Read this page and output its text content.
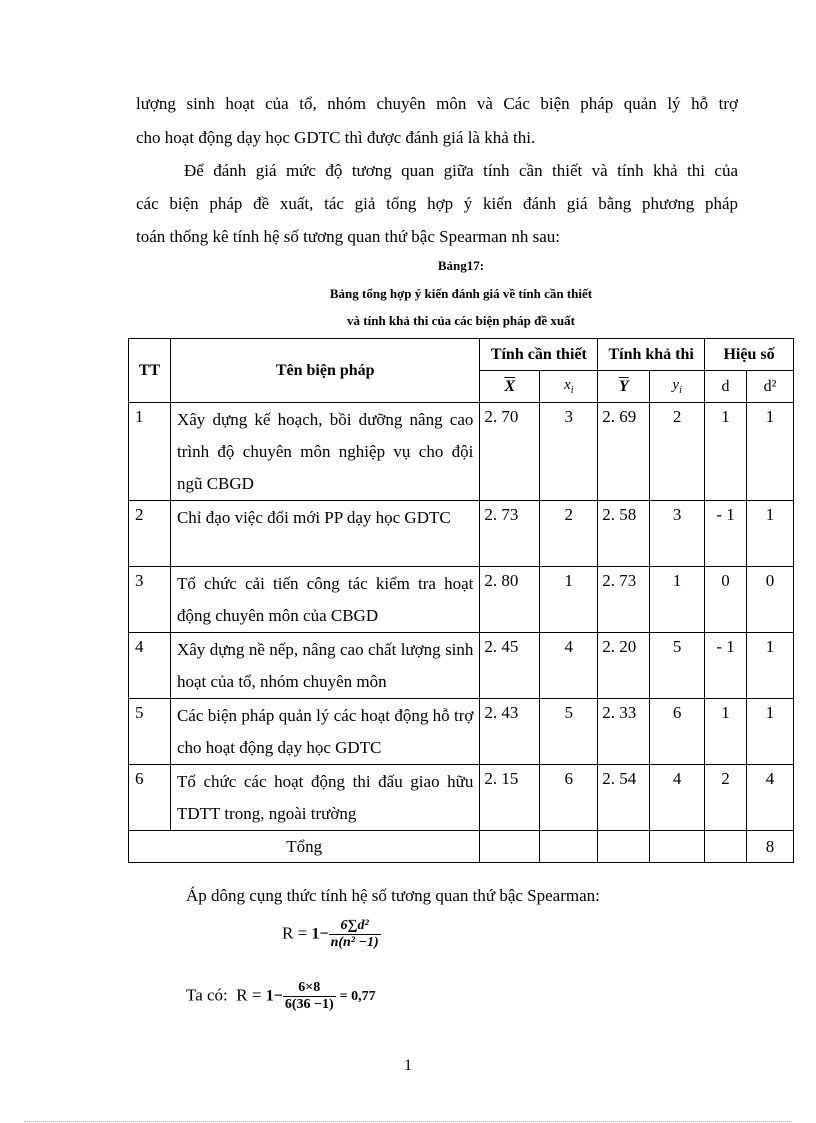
lượng sinh hoạt của tổ, nhóm chuyên môn và Các biện pháp quản lý hỗ trợ

cho hoạt động dạy học GDTC thì được đánh giá là khả thi.

Để đánh giá mức độ tương quan giữa tính cần thiết và tính khả thi của

các biện pháp đề xuất, tác giả tổng hợp ý kiến đánh giá bằng phương pháp

toán thống kê tính hệ số tương quan thứ bậc Spearman nh sau:

Bảng17:

Bảng tổng hợp ý kiến đánh giá về tính cần thiết

và tính khả thi của các biện pháp đề xuất

TT	Tên biện pháp	Tính cần thiết		Tính khả thi		Hiệu số	
		$\overline{X}$	$x_i$	$\overline{Y}$	$y_i$	d	d²
1	Xây dựng kế hoạch, bồi dưỡng nâng cao trình độ chuyên môn nghiệp vụ cho đội ngũ CBGD	2. 70	3	2. 69	2	1	1
2	Chỉ đạo việc đổi mới PP dạy học GDTC	2. 73	2	2. 58	3	- 1	1
3	Tổ chức cải tiến công tác kiểm tra hoạt động chuyên môn của CBGD	2. 80	1	2. 73	1	0	0
4	Xây dựng nề nếp, nâng cao chất lượng sinh hoạt của tổ, nhóm chuyên môn	2. 45	4	2. 20	5	- 1	1
5	Các biện pháp quản lý các hoạt động hỗ trợ cho hoạt động dạy học GDTC	2. 43	5	2. 33	6	1	1
6	Tổ chức các hoạt động thi đấu giao hữu TDTT trong, ngoài trường	2. 15	6	2. 54	4	2	4
Tổng							8

Áp dông cụng thức tính hệ số tương quan thứ bậc Spearman:

$R = 1- \frac{\text{6∑d²}}{\text{n(n² −1)}}$
Ta có: $R = 1- \frac{6\times 8}{6(36 -1)} = 0,77$
1
